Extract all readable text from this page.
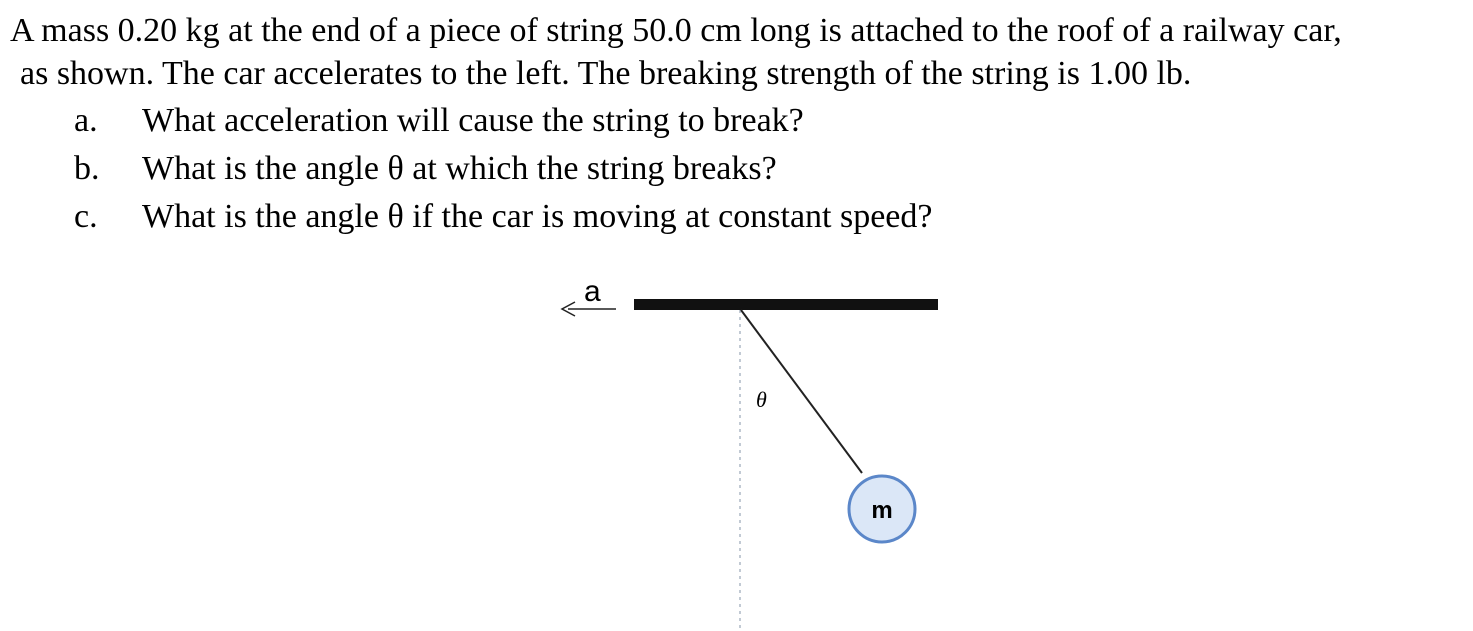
A mass 0.20 kg at the end of a piece of string 50.0 cm long is attached to the roof of a railway car,
as shown. The car accelerates to the left. The breaking strength of the string is 1.00 lb.
a. What acceleration will cause the string to break?
b. What is the angle θ at which the string breaks?
c. What is the angle θ if the car is moving at constant speed?
a
θ
m
